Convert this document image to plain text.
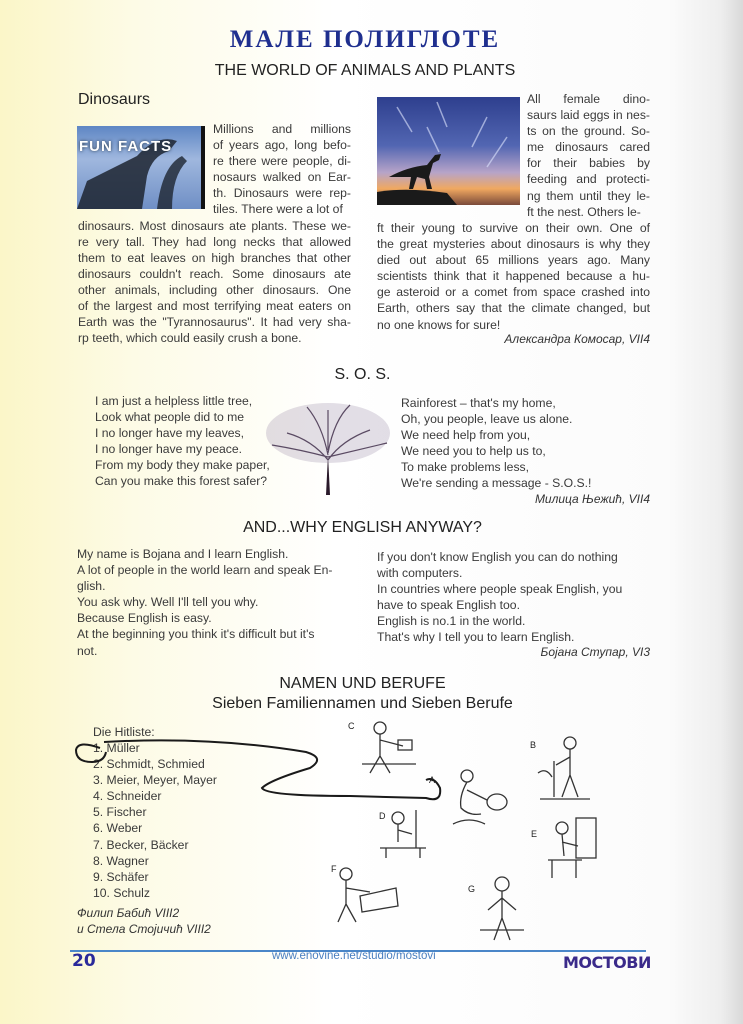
МАЛЕ ПОЛИГЛОТЕ
THE WORLD OF ANIMALS AND PLANTS
Dinosaurs
FUN FACTS
Millions and millions
of years ago, long befo-
re there were people, di-
nosaurs walked on Ear-
th. Dinosaurs were rep-
tiles. There were a lot of
dinosaurs. Most dinosaurs ate plants. These we-
re very tall. They had long necks that allowed
them to eat leaves on high branches that other
dinosaurs couldn't reach. Some dinosaurs ate
other animals, including other dinosaurs. One
of the largest and most terrifying meat eaters on
Earth was the "Tyrannosaurus". It had very sha-
rp teeth, which could easily crush a bone.
All female dino-
saurs laid eggs in nes-
ts on the ground. So-
me dinosaurs cared
for their babies by
feeding and protecti-
ng them until they le-
ft the nest. Others le-
ft their young to survive on their own. One of
the great mysteries about dinosaurs is why they
died out about 65 millions years ago. Many
scientists think that it happened because a hu-
ge asteroid or a comet from space crashed into
Earth, others say that the climate changed, but
no one knows for sure!
Александра Комосар, VII4
S. O. S.
I am just a helpless little tree,
Look what people did to me
I no longer have my leaves,
I no longer have my peace.
From my body they make paper,
Can you make this forest safer?
Rainforest – that's my home,
Oh, you people, leave us alone.
We need help from you,
We need you to help us to,
To make problems less,
We're sending a message - S.O.S.!
Милица Њежић, VII4
AND...WHY ENGLISH ANYWAY?
My name is Bojana and I learn English.
A lot of people in the world learn and speak En-
glish.
You ask why. Well I'll tell you why.
Because English is easy.
At the beginning you think it's difficult but it's
not.
If you don't know English you can do nothing
with computers.
In countries where people speak English, you
have to speak English too.
English is no.1 in the world.
That's why I tell you to learn English.
Бојана Ступар, VI3
NAMEN UND BERUFE
Sieben Familiennamen und Sieben Berufe
Die Hitliste:
1. Müller
2. Schmidt, Schmied
3. Meier, Meyer, Mayer
4. Schneider
5. Fischer
6. Weber
7. Becker, Bäcker
8. Wagner
9. Schäfer
10. Schulz
Филип Бабић VIII2
и Стела Стојичић VIII2
C
B
A
D
E
F
G
20	www.enovine.net/studio/mostovi	МОСТОВИ
